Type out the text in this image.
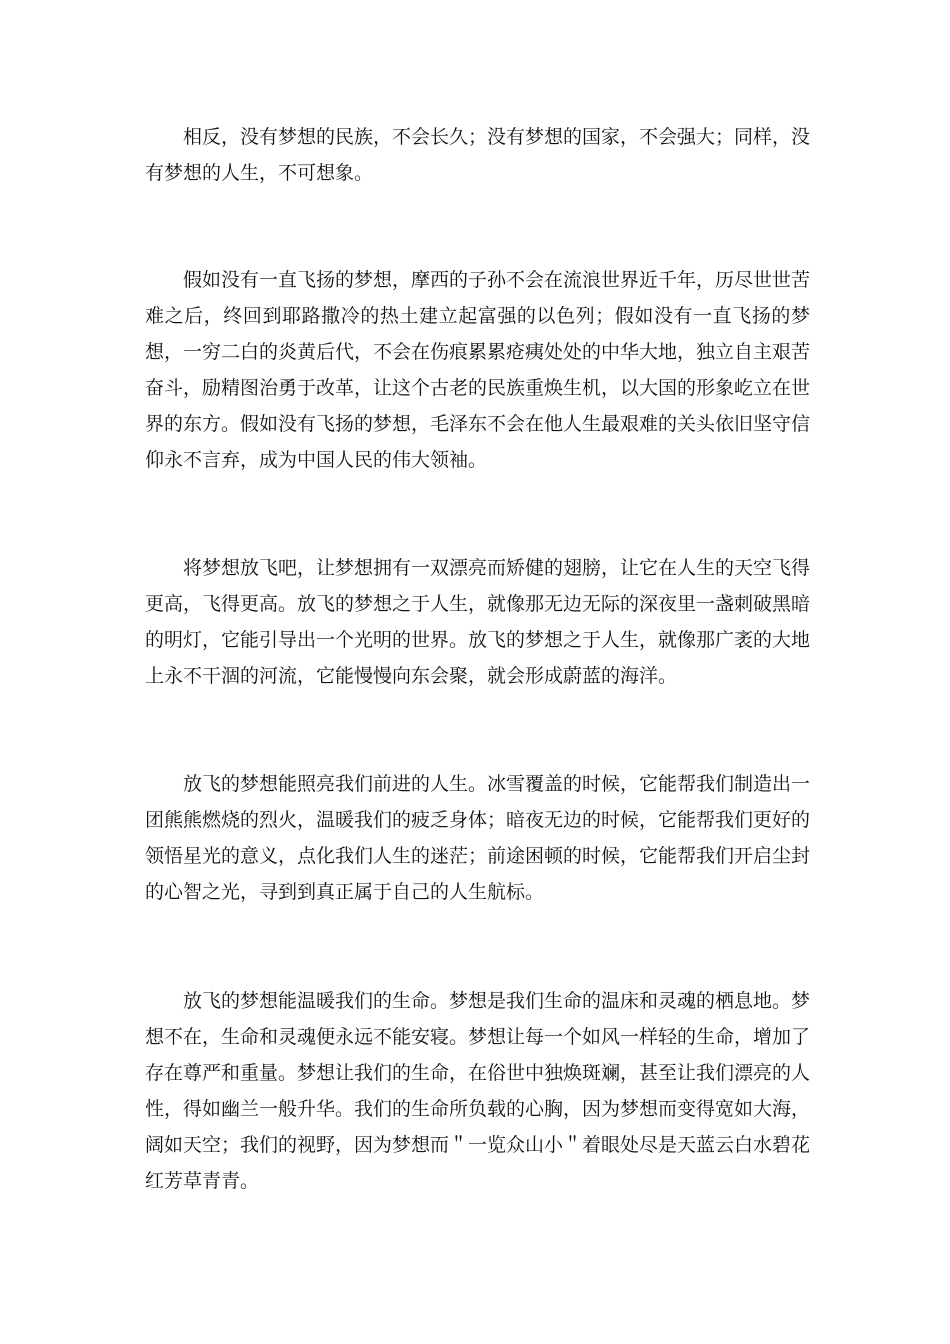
相反，没有梦想的民族，不会长久；没有梦想的国家，不会强大；同样，没有梦想的人生，不可想象。

假如没有一直飞扬的梦想，摩西的子孙不会在流浪世界近千年，历尽世世苦难之后，终回到耶路撒冷的热土建立起富强的以色列；假如没有一直飞扬的梦想，一穷二白的炎黄后代，不会在伤痕累累疮痍处处的中华大地，独立自主艰苦奋斗，励精图治勇于改革，让这个古老的民族重焕生机，以大国的形象屹立在世界的东方。假如没有飞扬的梦想，毛泽东不会在他人生最艰难的关头依旧坚守信仰永不言弃，成为中国人民的伟大领袖。

将梦想放飞吧，让梦想拥有一双漂亮而矫健的翅膀，让它在人生的天空飞得更高，飞得更高。放飞的梦想之于人生，就像那无边无际的深夜里一盏刺破黑暗的明灯，它能引导出一个光明的世界。放飞的梦想之于人生，就像那广袤的大地上永不干涸的河流，它能慢慢向东会聚，就会形成蔚蓝的海洋。

放飞的梦想能照亮我们前进的人生。冰雪覆盖的时候，它能帮我们制造出一团熊熊燃烧的烈火，温暖我们的疲乏身体；暗夜无边的时候，它能帮我们更好的领悟星光的意义，点化我们人生的迷茫；前途困顿的时候，它能帮我们开启尘封的心智之光，寻到到真正属于自己的人生航标。

放飞的梦想能温暖我们的生命。梦想是我们生命的温床和灵魂的栖息地。梦想不在，生命和灵魂便永远不能安寝。梦想让每一个如风一样轻的生命，增加了存在尊严和重量。梦想让我们的生命，在俗世中独焕斑斓，甚至让我们漂亮的人性，得如幽兰一般升华。我们的生命所负载的心胸，因为梦想而变得宽如大海，阔如天空；我们的视野，因为梦想而＂一览众山小＂着眼处尽是天蓝云白水碧花红芳草青青。
